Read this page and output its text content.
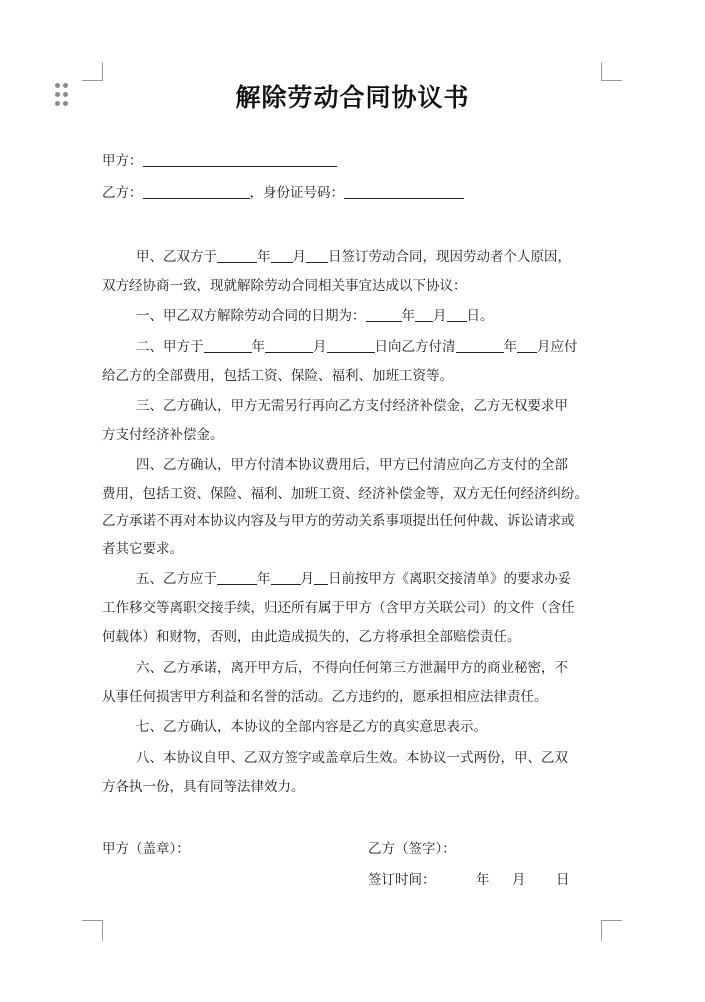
解除劳动合同协议书
甲方：
乙方：	，身份证号码：
甲、乙双方于	年 月 日签订劳动合同，现因劳动者个人原因，
双方经协商一致，现就解除劳动合同相关事宜达成以下协议：
一、甲乙双方解除劳动合同的日期为：	年 月 日。
二、甲方于	年	月	日向乙方付清	年 月应付
给乙方的全部费用，包括工资、保险、福利、加班工资等。
三、乙方确认，甲方无需另行再向乙方支付经济补偿金，乙方无权要求甲
方支付经济补偿金。
四、乙方确认，甲方付清本协议费用后，甲方已付清应向乙方支付的全部
费用，包括工资、保险、福利、加班工资、经济补偿金等，双方无任何经济纠纷。
乙方承诺不再对本协议内容及与甲方的劳动关系事项提出任何仲裁、诉讼请求或
者其它要求。
五、乙方应于	年 月 日前按甲方《离职交接清单》的要求办妥
工作移交等离职交接手续，归还所有属于甲方（含甲方关联公司）的文件（含任
何载体）和财物，否则，由此造成损失的，乙方将承担全部赔偿责任。
六、乙方承诺，离开甲方后，不得向任何第三方泄漏甲方的商业秘密，不
从事任何损害甲方利益和名誉的活动。乙方违约的，愿承担相应法律责任。
七、乙方确认，本协议的全部内容是乙方的真实意思表示。
八、本协议自甲、乙双方签字或盖章后生效。本协议一式两份，甲、乙双
方各执一份，具有同等法律效力。
甲方（盖章）：	乙方（签字）：
签订时间：	年 月 日
